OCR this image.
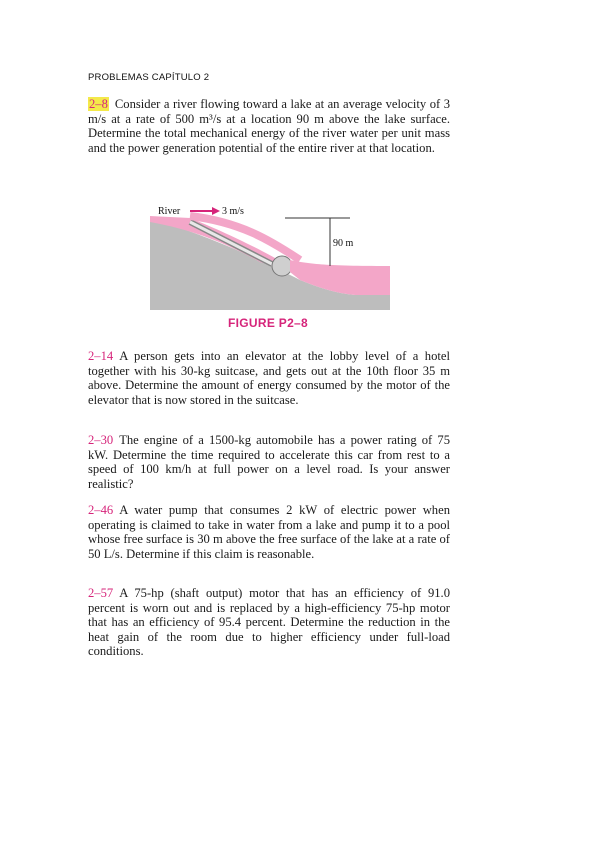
PROBLEMAS CAPÍTULO 2
2–8 Consider a river flowing toward a lake at an average velocity of 3 m/s at a rate of 500 m³/s at a location 90 m above the lake surface. Determine the total mechanical energy of the river water per unit mass and the power generation potential of the entire river at that location.
90 m
River	3 m/s
FIGURE P2–8
2–14 A person gets into an elevator at the lobby level of a hotel together with his 30-kg suitcase, and gets out at the 10th floor 35 m above. Determine the amount of energy consumed by the motor of the elevator that is now stored in the suitcase.
2–30 The engine of a 1500-kg automobile has a power rating of 75 kW. Determine the time required to accelerate this car from rest to a speed of 100 km/h at full power on a level road. Is your answer realistic?
2–46 A water pump that consumes 2 kW of electric power when operating is claimed to take in water from a lake and pump it to a pool whose free surface is 30 m above the free surface of the lake at a rate of 50 L/s. Determine if this claim is reasonable.
2–57 A 75-hp (shaft output) motor that has an efficiency of 91.0 percent is worn out and is replaced by a high-efficiency 75-hp motor that has an efficiency of 95.4 percent. Determine the reduction in the heat gain of the room due to higher efficiency under full-load conditions.
